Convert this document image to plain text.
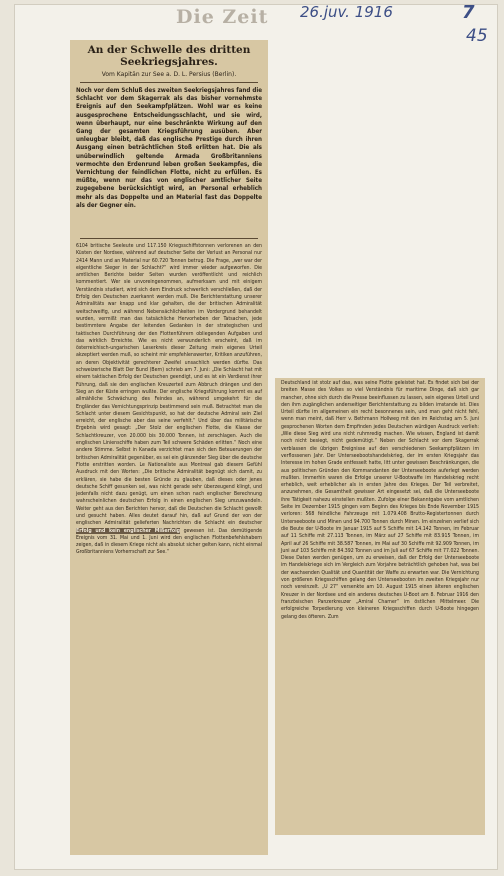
Die Zeit 26.juv. 1916	7
45
An der Schwelle des dritten Seekriegsjahres.
Vom Kapitän zur See a. D. L. Persius (Berlin).
Noch vor dem Schluß des zweiten Seekriegsjahres fand die Schlacht vor dem Skagerrak als das bisher vornehmste Ereignis auf den Seekampfplätzen. Wohl war es keine ausgesprochene Entscheidungsschlacht, und sie wird, wenn überhaupt, nur eine beschränkte Wirkung auf den Gang der gesamten Kriegsführung ausüben. Aber unleugbar bleibt, daß das englische Prestige durch ihren Ausgang einen beträchtlichen Stoß erlitten hat. Die als unüberwindlich geltende Armada Großbritanniens vermochte den Erdenrund leben großen Seekampfes, die Vernichtung der feindlichen Flotte, nicht zu erfüllen. Es müßte, wenn nur das von englischer amtlicher Seite zugegebene berücksichtigt wird, an Personal erheblich mehr als das Doppelte und an Material fast das Doppelte als der Gegner ein.
6104 britische Seeleute und 117.150 Kriegsschiffstonnen verlorenen an den Küsten der Nordsee, während auf deutscher Seite der Verlust an Personal nur 2414 Mann und an Material nur 60.720 Tonnen betrug. Die Frage, „wer war der eigentliche Sieger in der Schlacht?“ wird immer wieder aufgeworfen. Die amtlichen Berichte beider Seiten wurden veröffentlicht und reichlich kommentiert. Wer sie unvoreingenommen, aufmerksam und mit einigem Verständnis studiert, wird sich dem Eindruck schwerlich verschließen, daß der Erfolg den Deutschen zuerkannt werden muß. Die Berichterstattung unserer Admiralitäts war knapp und klar gehalten, die der britischen Admiralität weitschweifig, und während Nebensächlichkeiten im Vordergrund behandelt wurden, vermißt man das tatsächliche Hervorheben der Tatsachen, jede bestimmtere Angabe der leitenden Gedanken in der strategischen und taktischen Durchführung der den Flottenführern obliegenden Aufgaben und das wirklich Erreichte. Wie es nicht verwunderlich erscheint, daß im österreichisch-ungarischen Leserkreis dieser Zeitung mein eigenes Urteil akzeptiert werden muß, so scheint mir empfehlenswerter, Kritiken anzuführen, an deren Objektivität gerechterer Zweifel unsachlich werden dürfte. Das schweizerische Blatt Der Bund (Bern) schrieb am 7. Juni: „Die Schlacht hat mit einem taktischen Erfolg der Deutschen geendigt, und es ist ein Verdienst ihrer Führung, daß sie den englischen Kreuzerteil zum Abbruch drängen und den Sieg an der Küste erringen wußte. Der englische Kriegsführung kommt es auf allmähliche Schwächung des Feindes an, während umgekehrt für die Engländer das Vernichtungsprinzip bestimmend sein muß. Betrachtet man die Schlacht unter diesem Gesichtspunkt, so hat der deutsche Admiral sein Ziel erreicht, der englische aber das seine verfehlt.“ Und über das militärische Ergebnis wird gesagt: „Der Stolz der englischen Flotte, die Klasse der Schlachtkreuzer, von 20.000 bis 30.000 Tonnen, ist zerschlagen. Auch die englischen Linienschiffe haben zum Teil schwere Schäden erlitten.“ Noch eine andere Stimme. Selbst in Kanada verzichtet man sich den Beteuerungen der britischen Admiralität gegenüber, es sei ein glänzender Sieg über die deutsche Flotte erstritten worden. Le Nationaliste aus Montreal gab diesem Gefühl Ausdruck mit den Worten: „Die britische Admiralität begnügt sich damit, zu erklären, sie habe die besten Gründe zu glauben, daß dieses oder jenes deutsche Schiff gesunken sei, was nicht gerade sehr überzeugend klingt, und jedenfalls nicht dazu genügt, um einen schon nach englischer Berechnung wahrscheinlichen deutschen Erfolg in einen englischen Sieg umzuwandeln. Weiter geht aus den Berichten hervor, daß die Deutschen die Schlacht gewollt und gesucht haben. Alles deutet darauf hin, daß auf Grund der von der englischen Admiralität gelieferten Nachrichten die Schlacht ein deutscher Erfolg und kein englischer Mißerfolg gewesen ist. Das demütigende Ereignis vom 31. Mai und 1. Juni wird den englischen Flottenbefehlshabern zeigen, daß in diesem Kriege nicht als absolut sicher gelten kann, nicht einmal Großbritanniens Vorherrschaft zur See.“
Deutschland ist stolz auf das, was seine Flotte geleistet hat. Es findet sich bei der breiten Masse des Volkes so viel Verständnis für maritime Dinge, daß sich gar mancher, ohne sich durch die Presse beeinflussen zu lassen, sein eigenes Urteil und den ihm zugänglichen anderseitiger Berichterstattung zu bilden imstande ist. Dies Urteil dürfte im allgemeinen ein recht besonnenes sein, und man geht nicht fehl, wenn man meint, daß Herr v. Bethmann Hollweg mit den im Reichstag am 5. Juni gesprochenen Worten dem Empfinden jedes Deutschen würdigen Ausdruck verlieh: „Wie diese Sieg wird uns nicht ruhmredig machen. Wie wissen, England ist damit noch nicht besiegt, nicht gedemütigt.“ Neben der Schlacht vor dem Skagerrak verblassen die übrigen Ereignisse auf den verschiedenen Seekampfplätzen im verflossenen Jahr. Der Unterseebootshandelskrieg, der im ersten Kriegsjahr das Interesse im hohen Grade entfesselt hatte, litt unter gewissen Beschränkungen, die aus politischen Gründen den Kommandanten der Unterseeboote auferlegt werden mußten. Immerhin waren die Erfolge unserer U-Bootwaffe im Handelskrieg recht erheblich, weit erheblicher als in ersten Jahre des Krieges. Der Teil verbreitet, anzunehmen, die Gesamtheit gewisser Art eingesetzt sei, daß die Unterseeboote ihre Tätigkeit nahezu einstellen mußten. Zufolge einer Bekanntgabe vom amtlichen Seite im Dezember 1915 gingen vom Beginn des Krieges bis Ende November 1915 verloren: 568 feindliche Fahrzeuge mit 1.079.408 Brutto-Registertonnen durch Unterseeboote und Minen und 94.700 Tonnen durch Minen. Im einzelnen verlief sich die Beute der U-Boote im Januar 1915 auf 5 Schiffe mit 14.142 Tonnen, im Februar auf 11 Schiffe mit 27.113 Tonnen, im März auf 27 Schiffe mit 83.915 Tonnen, im April auf 26 Schiffe mit 38.587 Tonnen, im Mai auf 30 Schiffe mit 92.909 Tonnen, im Juni auf 103 Schiffe mit 84.392 Tonnen und im Juli auf 67 Schiffe mit 77.022 Tonnen. Diese Daten werden genügen, um zu erweisen, daß der Erfolg der Unterseeboote im Handelskriege sich im Vergleich zum Vorjahre beträchtlich gehoben hat, was bei der wachsenden Qualität und Quantität der Waffe zu erwarten war. Die Vernichtung von größeren Kriegsschiffen gelang den Unterseebooten im zweiten Kriegsjahr nur noch vereinzelt. „U 27“ versenkte am 10. August 1915 einen älteren englischen Kreuzer in der Nordsee und ein anderes deutsches U-Boot am 8. Februar 1916 den französischen Panzerkreuzer „Amiral Charner“ im östlichen Mittelmeer. Die erfolgreiche Torpedierung von kleineren Kriegsschiffen durch U-Boote hingegen gelang des öfteren. Zum
